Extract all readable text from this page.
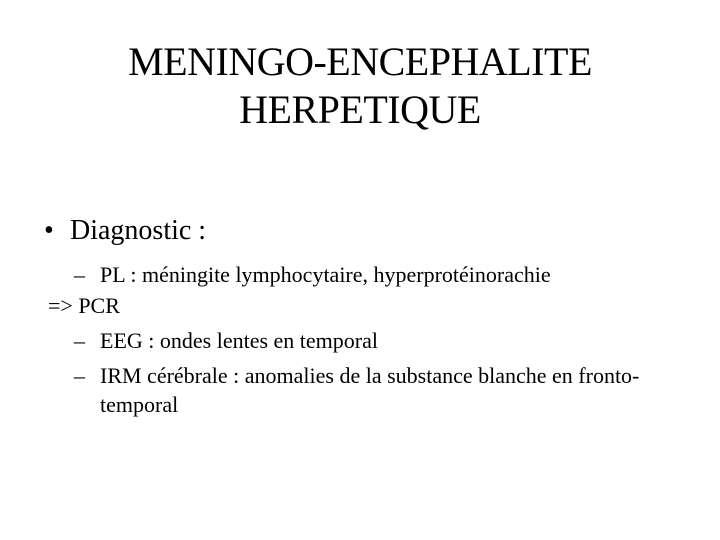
MENINGO-ENCEPHALITE
HERPETIQUE
• Diagnostic :
– PL : méningite lymphocytaire, hyperprotéinorachie
=> PCR
– EEG : ondes lentes en temporal
– IRM cérébrale : anomalies de la substance blanche en fronto-temporal
